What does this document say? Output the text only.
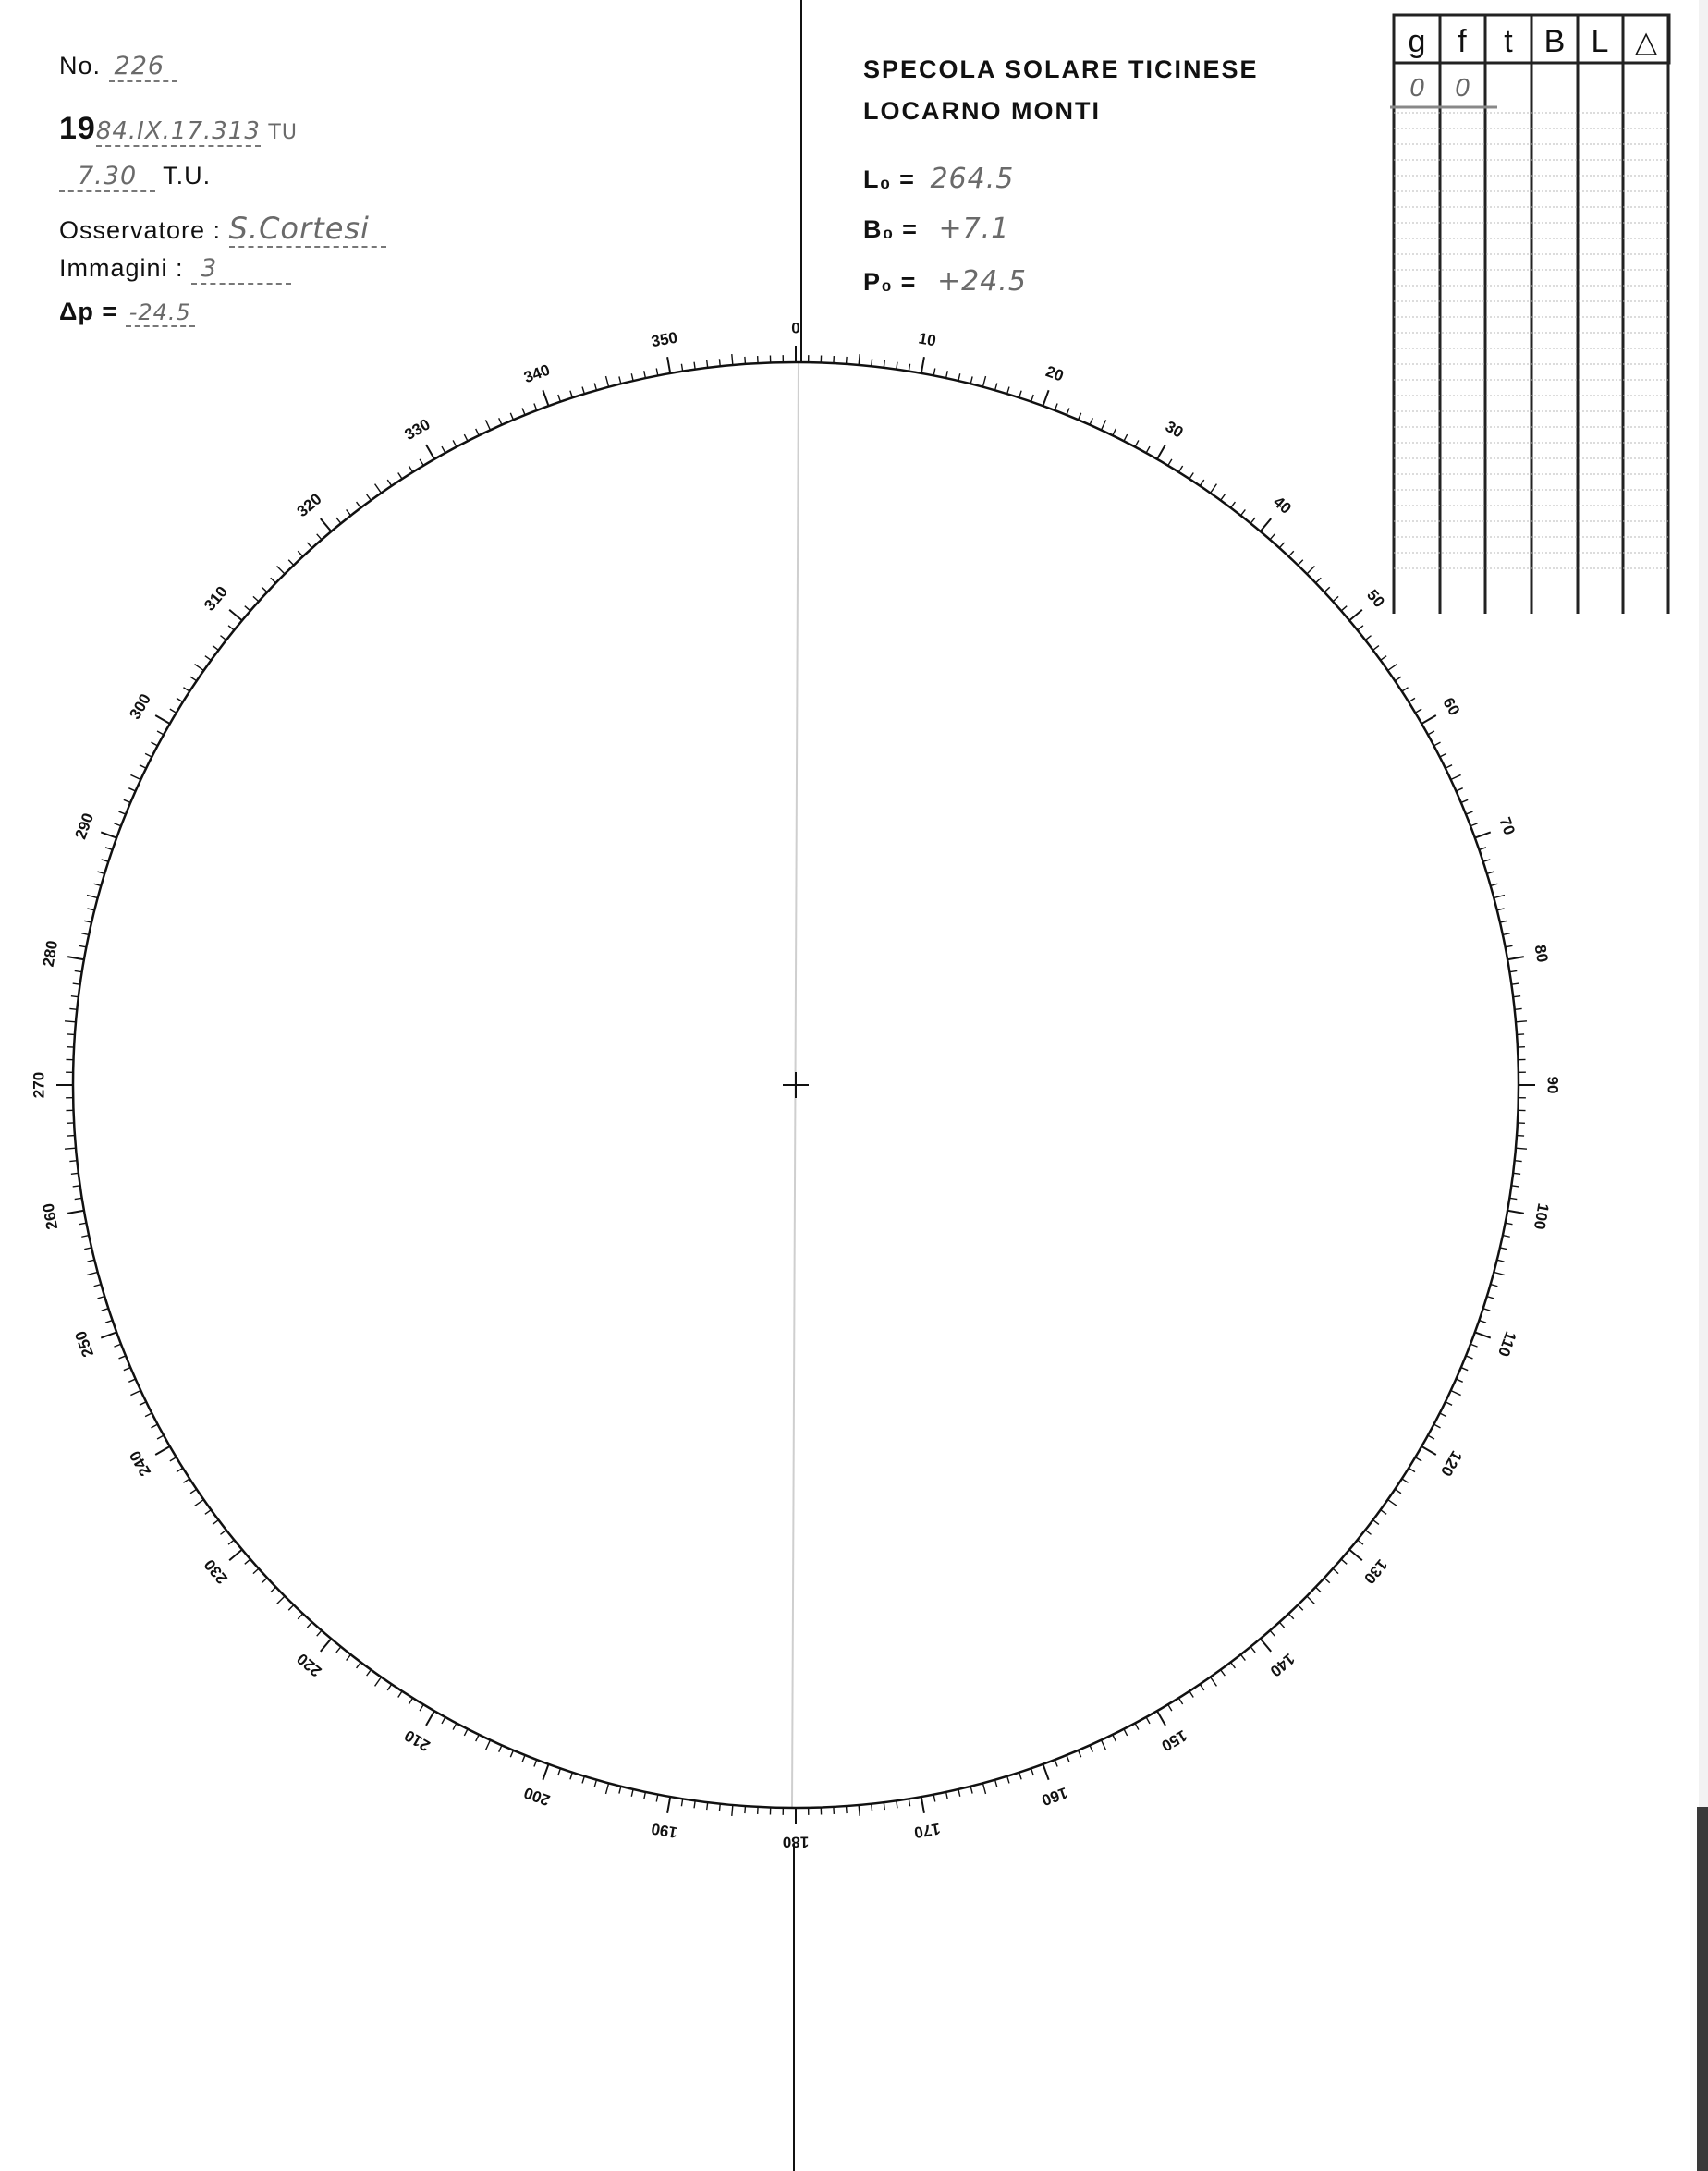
No. 226
1984.IX.17.313 TU
7.30 T.U.
Osservatore : S.Cortesi
Immagini : 3
Δp = -24.5
SPECOLA SOLARE TICINESE
LOCARNO MONTI
L₀ = 264.5
B₀ = +7.1
P₀ = +24.5
g f t B L △
0 0
0
10
20
30
40
50
60
70
80
90
100
110
120
130
140
150
160
170
180
190
200
210
220
230
240
250
260
270
280
290
300
310
320
330
340
350
